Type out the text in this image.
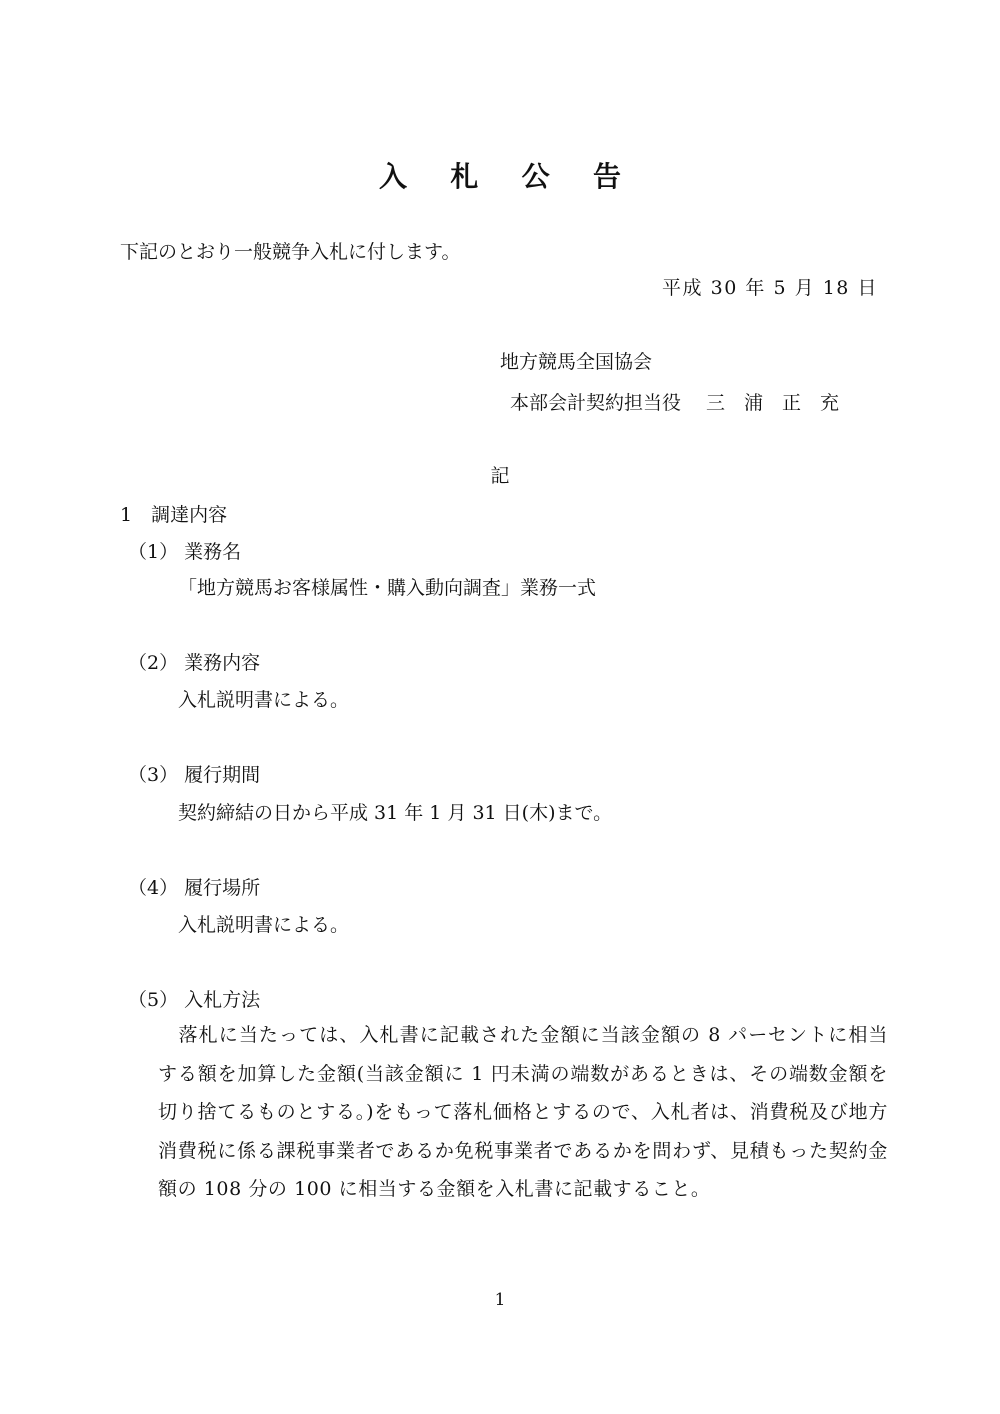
入 札 公 告

下記のとおり一般競争入札に付します。

平成 30 年 5 月 18 日

地方競馬全国協会

本部会計契約担当役　 三　浦　正　充

記

1　調達内容

（1） 業務名

「地方競馬お客様属性・購入動向調査」業務一式

（2） 業務内容

入札説明書による。

（3） 履行期間

契約締結の日から平成 31 年 1 月 31 日(木)まで。

（4） 履行場所

入札説明書による。

（5） 入札方法

落札に当たっては、入札書に記載された金額に当該金額の 8 パーセントに相当する額を加算した金額(当該金額に 1 円未満の端数があるときは、その端数金額を切り捨てるものとする。)をもって落札価格とするので、入札者は、消費税及び地方消費税に係る課税事業者であるか免税事業者であるかを問わず、見積もった契約金額の 108 分の 100 に相当する金額を入札書に記載すること。

1
